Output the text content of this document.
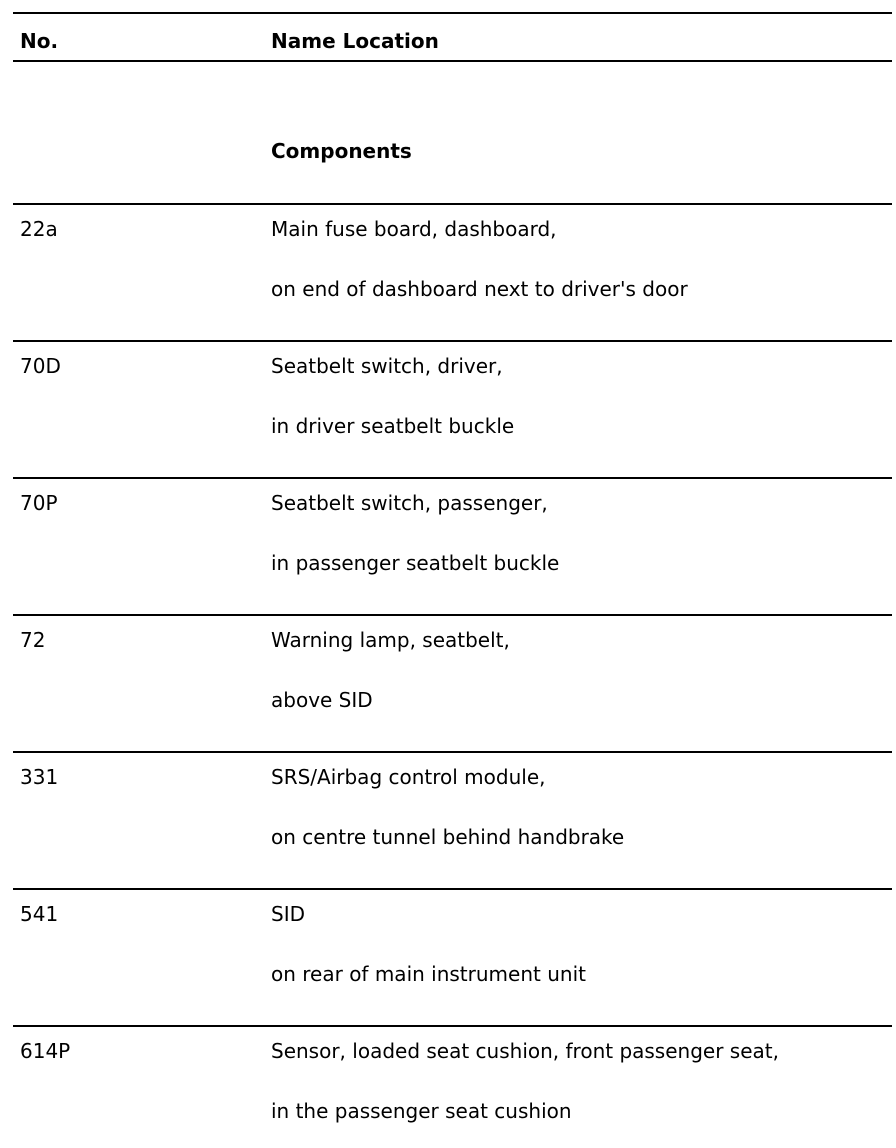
No.	Name Location
Components
22a	Main fuse board, dashboard,
on end of dashboard next to driver's door
70D	Seatbelt switch, driver,
in driver seatbelt buckle
70P	Seatbelt switch, passenger,
in passenger seatbelt buckle
72	Warning lamp, seatbelt,
above SID
331	SRS/Airbag control module,
on centre tunnel behind handbrake
541	SID
on rear of main instrument unit
614P	Sensor, loaded seat cushion, front passenger seat,
in the passenger seat cushion
